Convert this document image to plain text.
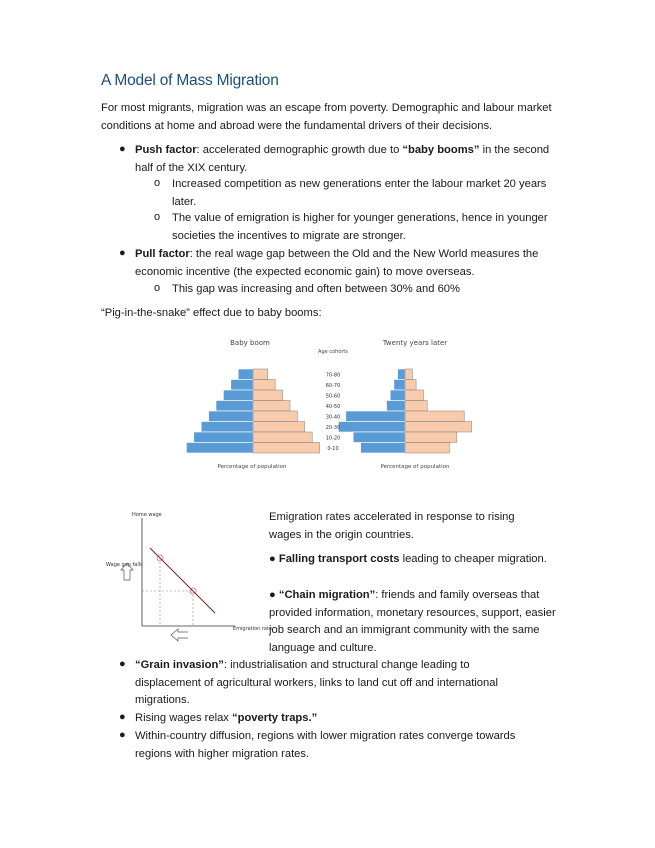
A Model of Mass Migration
For most migrants, migration was an escape from poverty. Demographic and labour market conditions at home and abroad were the fundamental drivers of their decisions.
● Push factor: accelerated demographic growth due to “baby booms” in the second half of the XIX century.
o Increased competition as new generations enter the labour market 20 years later.
o The value of emigration is higher for younger generations, hence in younger societies the incentives to migrate are stronger.
● Pull factor: the real wage gap between the Old and the New World measures the economic incentive (the expected economic gain) to move overseas.
o This gap was increasing and often between 30% and 60%
“Pig-in-the-snake” effect due to baby booms:
Baby boom	Twenty years later
Age cohorts
70-80
60-70
50-60
40-50
30-40
20-30
10-20
0-10
Percentage of population	Percentage of population
Home wage
Wage gap falls
Emigration rate
Emigration rates accelerated in response to rising wages in the origin countries.
● Falling transport costs leading to cheaper migration.
● “Chain migration”: friends and family overseas that provided information, monetary resources, support, easier job search and an immigrant community with the same language and culture.
● “Grain invasion”: industrialisation and structural change leading to displacement of agricultural workers, links to land cut off and international migrations.
● Rising wages relax “poverty traps.”
● Within-country diffusion, regions with lower migration rates converge towards regions with higher migration rates.
